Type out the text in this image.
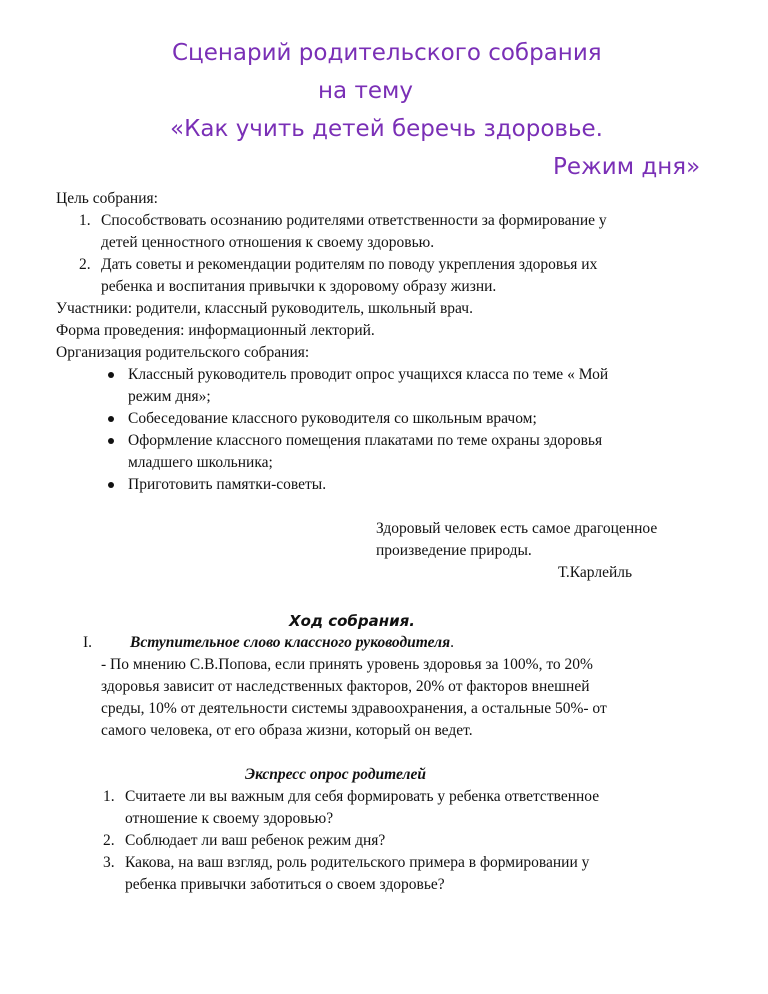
Сценарий родительского собрания
на тему
«Как учить детей беречь здоровье.
Режим дня»
Цель собрания:
1. Способствовать осознанию родителями ответственности за формирование у
детей ценностного отношения к своему здоровью.
2. Дать советы и рекомендации родителям по поводу укрепления здоровья их
ребенка и воспитания привычки к здоровому образу жизни.
Участники: родители, классный руководитель, школьный врач.
Форма проведения: информационный лекторий.
Организация родительского собрания:
Классный руководитель проводит опрос учащихся класса по теме « Мой
режим дня»;
Собеседование классного руководителя со школьным врачом;
Оформление классного помещения плакатами по теме охраны здоровья
младшего школьника;
Приготовить памятки-советы.
Здоровый человек есть самое драгоценное
произведение природы.
Т.Карлейль
Ход собрания.
I. Вступительное слово классного руководителя.
- По мнению С.В.Попова, если принять уровень здоровья за 100%, то 20%
здоровья зависит от наследственных факторов, 20% от факторов внешней
среды, 10% от деятельности системы здравоохранения, а остальные 50%- от
самого человека, от его образа жизни, который он ведет.
Экспресс опрос родителей
1. Считаете ли вы важным для себя формировать у ребенка ответственное
отношение к своему здоровью?
2. Соблюдает ли ваш ребенок режим дня?
3. Какова, на ваш взгляд, роль родительского примера в формировании у
ребенка привычки заботиться о своем здоровье?
